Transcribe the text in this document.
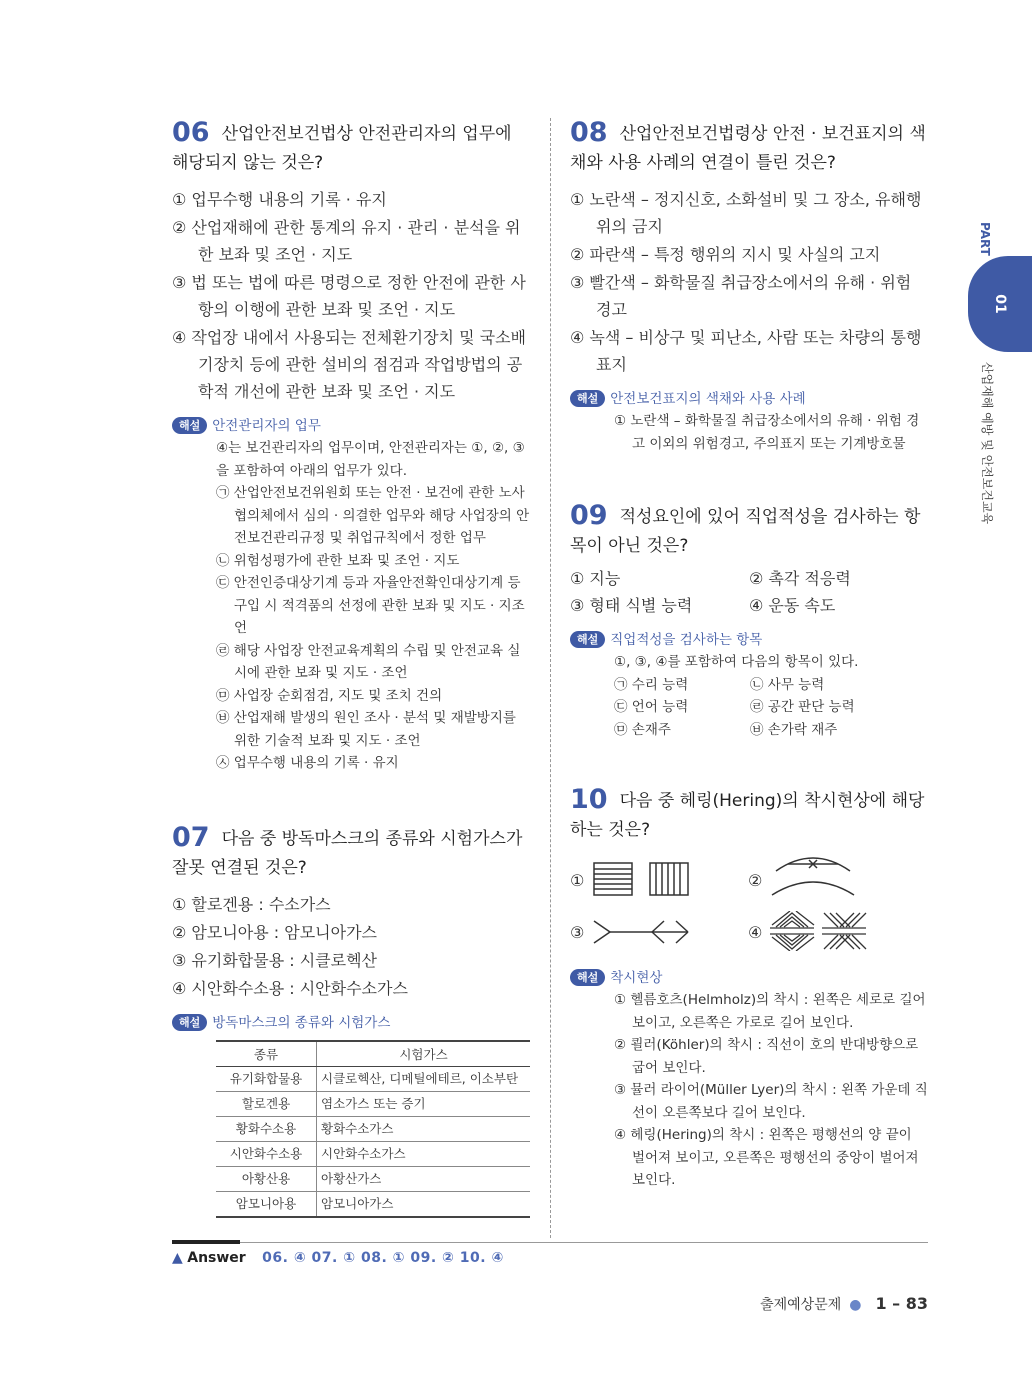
06 산업안전보건법상 안전관리자의 업무에 해당되지 않는 것은?
① 업무수행 내용의 기록 · 유지
② 산업재해에 관한 통계의 유지 · 관리 · 분석을 위한 보좌 및 조언 · 지도
③ 법 또는 법에 따른 명령으로 정한 안전에 관한 사항의 이행에 관한 보좌 및 조언 · 지도
④ 작업장 내에서 사용되는 전체환기장치 및 국소배기장치 등에 관한 설비의 점검과 작업방법의 공학적 개선에 관한 보좌 및 조언 · 지도
해설 안전관리자의 업무
④는 보건관리자의 업무이며, 안전관리자는 ①, ②, ③을 포함하여 아래의 업무가 있다.
㉠ 산업안전보건위원회 또는 안전 · 보건에 관한 노사협의체에서 심의 · 의결한 업무와 해당 사업장의 안전보건관리규정 및 취업규칙에서 정한 업무
㉡ 위험성평가에 관한 보좌 및 조언 · 지도
㉢ 안전인증대상기계 등과 자율안전확인대상기계 등 구입 시 적격품의 선정에 관한 보좌 및 지도 · 지조언
㉣ 해당 사업장 안전교육계획의 수립 및 안전교육 실시에 관한 보좌 및 지도 · 조언
㉤ 사업장 순회점검, 지도 및 조치 건의
㉥ 산업재해 발생의 원인 조사 · 분석 및 재발방지를 위한 기술적 보좌 및 지도 · 조언
㉦ 업무수행 내용의 기록 · 유지
07 다음 중 방독마스크의 종류와 시험가스가 잘못 연결된 것은?
① 할로겐용 : 수소가스
② 암모니아용 : 암모니아가스
③ 유기화합물용 : 시클로헥산
④ 시안화수소용 : 시안화수소가스
해설 방독마스크의 종류와 시험가스
종류	시험가스
유기화합물용	시클로헥산, 디메틸에테르, 이소부탄
할로겐용	염소가스 또는 증기
황화수소용	황화수소가스
시안화수소용	시안화수소가스
아황산용	아황산가스
암모니아용	암모니아가스
08 산업안전보건법령상 안전 · 보건표지의 색채와 사용 사례의 연결이 틀린 것은?
① 노란색 – 정지신호, 소화설비 및 그 장소, 유해행위의 금지
② 파란색 – 특정 행위의 지시 및 사실의 고지
③ 빨간색 – 화학물질 취급장소에서의 유해 · 위험 경고
④ 녹색 – 비상구 및 피난소, 사람 또는 차량의 통행표지
해설 안전보건표지의 색채와 사용 사례
① 노란색 – 화학물질 취급장소에서의 유해 · 위험 경고 이외의 위험경고, 주의표지 또는 기계방호물
09 적성요인에 있어 직업적성을 검사하는 항목이 아닌 것은?
① 지능	② 촉각 적응력
③ 형태 식별 능력	④ 운동 속도
해설 직업적성을 검사하는 항목
①, ③, ④를 포함하여 다음의 항목이 있다.
㉠ 수리 능력	㉡ 사무 능력
㉢ 언어 능력	㉣ 공간 판단 능력
㉤ 손재주	㉥ 손가락 재주
10 다음 중 헤링(Hering)의 착시현상에 해당하는 것은?
①	②
③	④
해설 착시현상
① 헬름호츠(Helmholz)의 착시 : 왼쪽은 세로로 길어 보이고, 오른쪽은 가로로 길어 보인다.
② 쾰러(Köhler)의 착시 : 직선이 호의 반대방향으로 굽어 보인다.
③ 뮬러 라이어(Müller Lyer)의 착시 : 왼쪽 가운데 직선이 오른쪽보다 길어 보인다.
④ 헤링(Hering)의 착시 : 왼쪽은 평행선의 양 끝이 벌어져 보이고, 오른쪽은 평행선의 중앙이 벌어져 보인다.
PART
01
산업재해 예방 및 안전보건교육
▲ Answer 06. ④ 07. ① 08. ① 09. ② 10. ④
출제예상문제 ● 1 – 83
